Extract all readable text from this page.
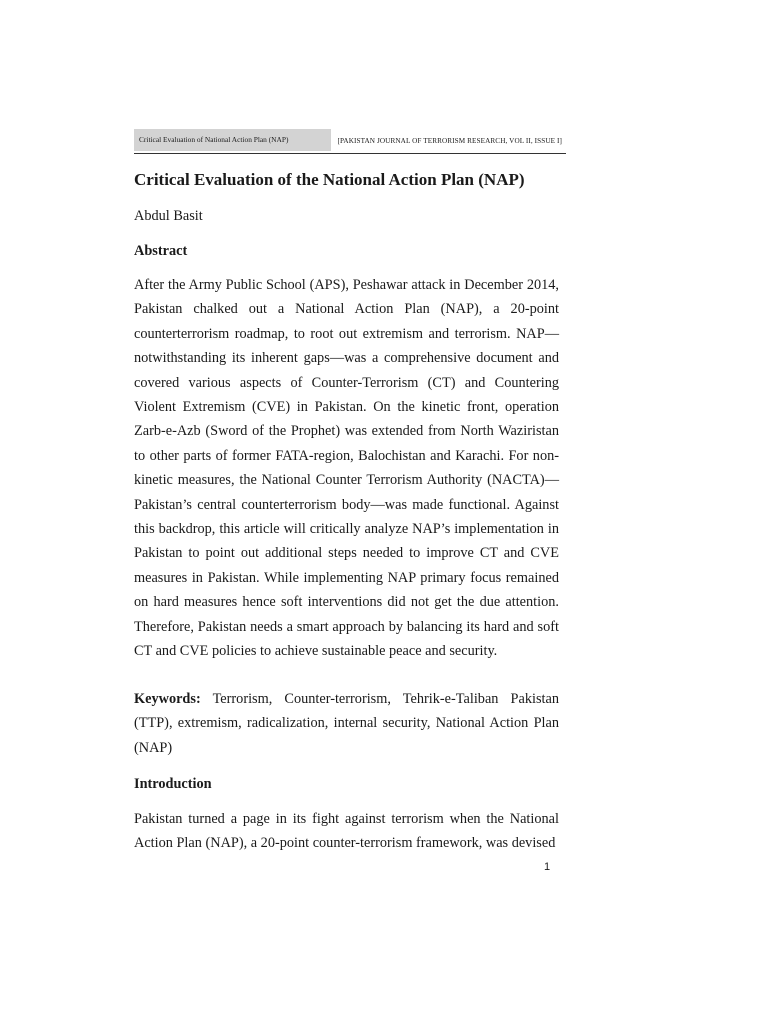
Critical Evaluation of National Action Plan (NAP)	[PAKISTAN JOURNAL OF TERRORISM RESEARCH, VOL II, ISSUE I]
Critical Evaluation of the National Action Plan (NAP)

Abdul Basit

Abstract

After the Army Public School (APS), Peshawar attack in December 2014, Pakistan chalked out a National Action Plan (NAP), a 20-point counterterrorism roadmap, to root out extremism and terrorism. NAP—notwithstanding its inherent gaps—was a comprehensive document and covered various aspects of Counter-Terrorism (CT) and Countering Violent Extremism (CVE) in Pakistan. On the kinetic front, operation Zarb-e-Azb (Sword of the Prophet) was extended from North Waziristan to other parts of former FATA-region, Balochistan and Karachi. For non-kinetic measures, the National Counter Terrorism Authority (NACTA)—Pakistan’s central counterterrorism body—was made functional. Against this backdrop, this article will critically analyze NAP’s implementation in Pakistan to point out additional steps needed to improve CT and CVE measures in Pakistan. While implementing NAP primary focus remained on hard measures hence soft interventions did not get the due attention. Therefore, Pakistan needs a smart approach by balancing its hard and soft CT and CVE policies to achieve sustainable peace and security.

Keywords: Terrorism, Counter-terrorism, Tehrik-e-Taliban Pakistan (TTP), extremism, radicalization, internal security, National Action Plan (NAP)

Introduction

Pakistan turned a page in its fight against terrorism when the National Action Plan (NAP), a 20-point counter-terrorism framework, was devised

1
